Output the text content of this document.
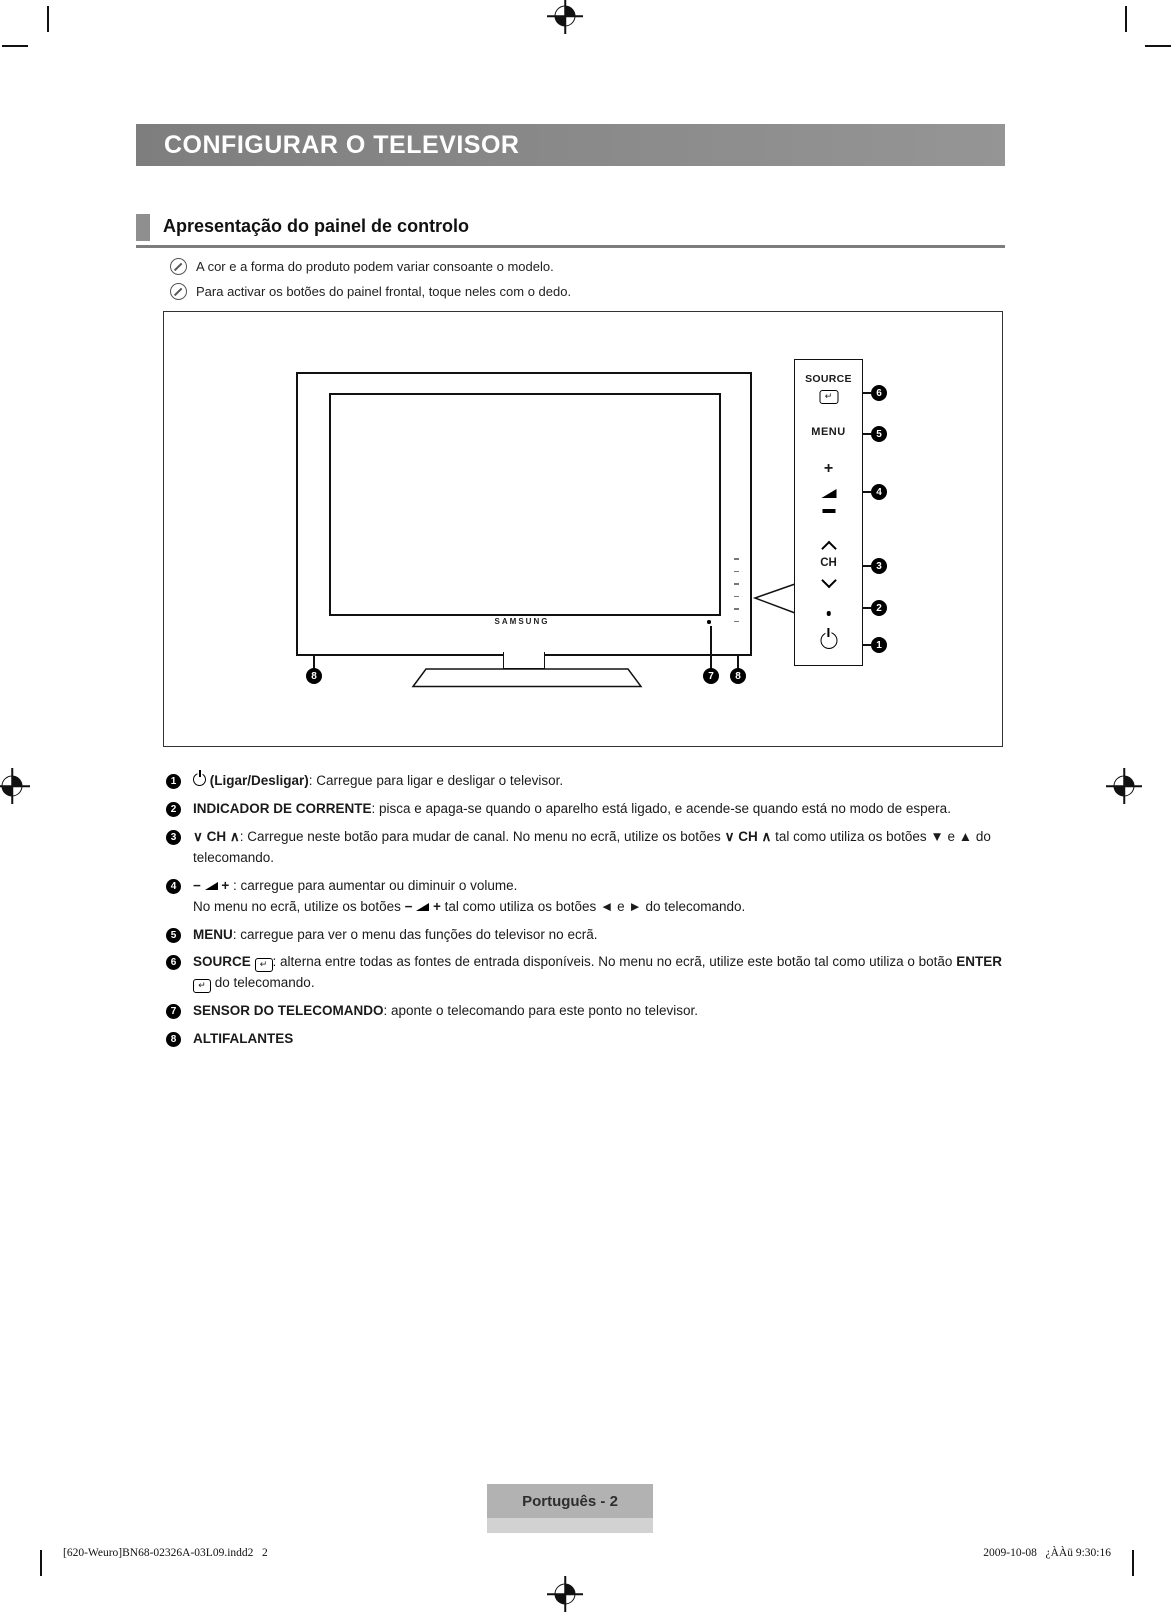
CONFIGURAR O TELEVISOR
Apresentação do painel de controlo
A cor e a forma do produto podem variar consoante o modelo.
Para activar os botões do painel frontal, toque neles com o dedo.
SAMSUNG
SOURCE
↵
MENU
+
CH
6
5
4
3
2
1
8	7	8
1	(Ligar/Desligar): Carregue para ligar e desligar o televisor.
2	INDICADOR DE CORRENTE: pisca e apaga-se quando o aparelho está ligado, e acende-se quando está no modo de espera.
3	∨ CH ∧: Carregue neste botão para mudar de canal. No menu no ecrã, utilize os botões ∨ CH ∧ tal como utiliza os botões ▼ e ▲ do telecomando.
4	−  + : carregue para aumentar ou diminuir o volume.
No menu no ecrã, utilize os botões −  + tal como utiliza os botões ◄ e ► do telecomando.
5	MENU: carregue para ver o menu das funções do televisor no ecrã.
6	SOURCE ↵: alterna entre todas as fontes de entrada disponíveis. No menu no ecrã, utilize este botão tal como utiliza o botão ENTER↵ do telecomando.
7	SENSOR DO TELECOMANDO: aponte o telecomando para este ponto no televisor.
8	ALTIFALANTES
Português - 2
[620-Weuro]BN68-02326A-03L09.indd2   2	2009-10-08   ¿ÀÀü 9:30:16
